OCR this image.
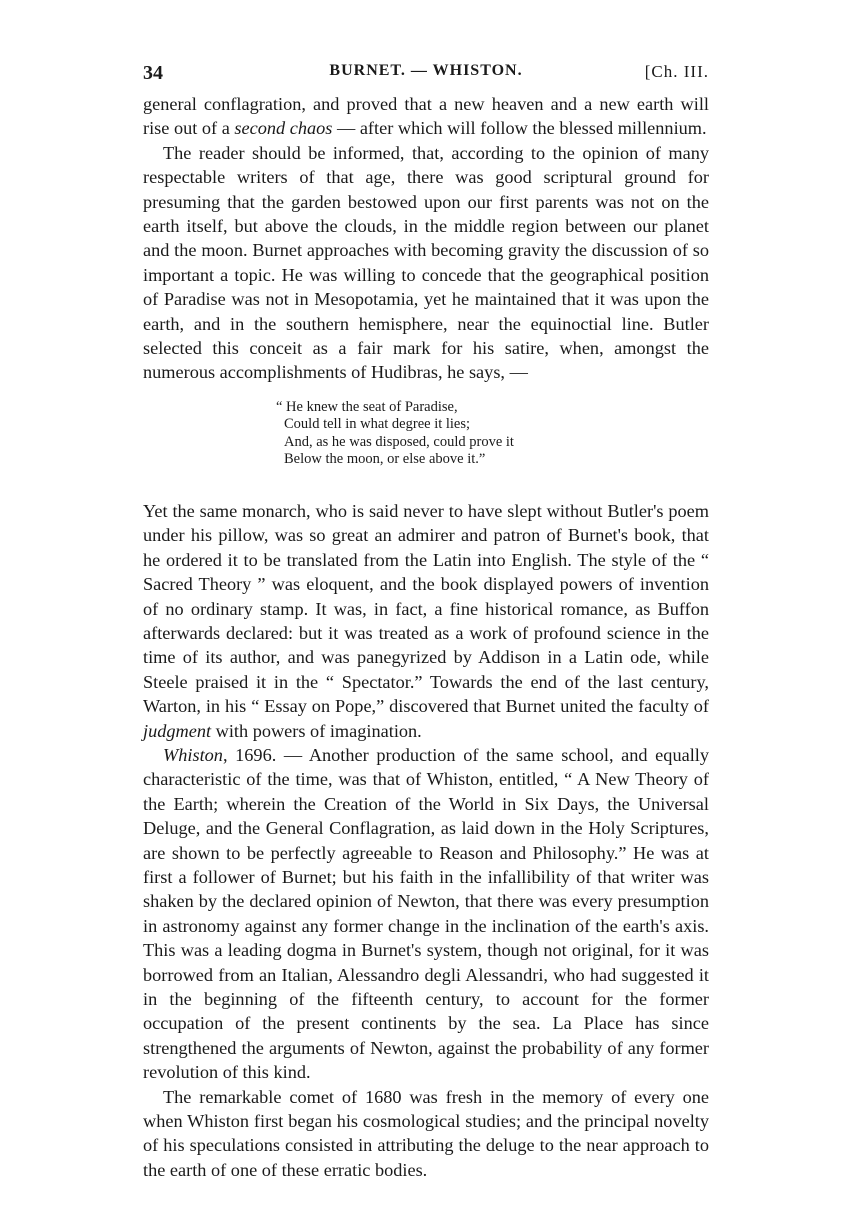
34	BURNET. — WHISTON.	[Ch. III.

general conflagration, and proved that a new heaven and a new earth will rise out of a second chaos — after which will follow the blessed millennium.

The reader should be informed, that, according to the opinion of many respectable writers of that age, there was good scriptural ground for presuming that the garden bestowed upon our first parents was not on the earth itself, but above the clouds, in the middle region between our planet and the moon. Burnet approaches with becoming gravity the discussion of so important a topic. He was willing to concede that the geographical position of Paradise was not in Mesopotamia, yet he maintained that it was upon the earth, and in the southern hemisphere, near the equinoctial line. Butler selected this conceit as a fair mark for his satire, when, amongst the numerous accomplishments of Hudibras, he says, —

“ He knew the seat of Paradise,
Could tell in what degree it lies;
And, as he was disposed, could prove it
Below the moon, or else above it.”

Yet the same monarch, who is said never to have slept without Butler's poem under his pillow, was so great an admirer and patron of Burnet's book, that he ordered it to be translated from the Latin into English. The style of the “ Sacred Theory ” was eloquent, and the book displayed powers of invention of no ordinary stamp. It was, in fact, a fine historical romance, as Buffon afterwards declared: but it was treated as a work of profound science in the time of its author, and was panegyrized by Addison in a Latin ode, while Steele praised it in the “ Spectator.” Towards the end of the last century, Warton, in his “ Essay on Pope,” discovered that Burnet united the faculty of judgment with powers of imagination.

Whiston, 1696. — Another production of the same school, and equally characteristic of the time, was that of Whiston, entitled, “ A New Theory of the Earth; wherein the Creation of the World in Six Days, the Universal Deluge, and the General Conflagration, as laid down in the Holy Scriptures, are shown to be perfectly agreeable to Reason and Philosophy.” He was at first a follower of Burnet; but his faith in the infallibility of that writer was shaken by the declared opinion of Newton, that there was every presumption in astronomy against any former change in the inclination of the earth's axis. This was a leading dogma in Burnet's system, though not original, for it was borrowed from an Italian, Alessandro degli Alessandri, who had suggested it in the beginning of the fifteenth century, to account for the former occupation of the present continents by the sea. La Place has since strengthened the arguments of Newton, against the probability of any former revolution of this kind.

The remarkable comet of 1680 was fresh in the memory of every one when Whiston first began his cosmological studies; and the principal novelty of his speculations consisted in attributing the deluge to the near approach to the earth of one of these erratic bodies.
